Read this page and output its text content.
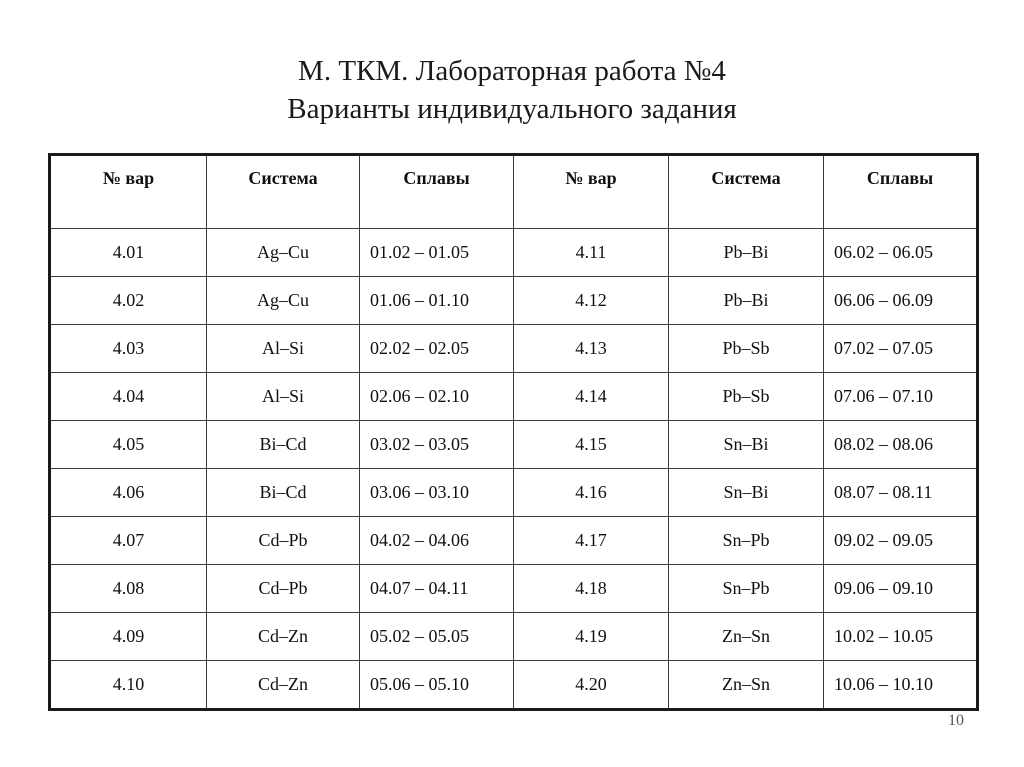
М. ТКМ. Лабораторная работа №4
Варианты индивидуального задания
№ вар	Система	Сплавы	№ вар	Система	Сплавы
4.01	Ag–Cu	01.02 – 01.05	4.11	Pb–Bi	06.02 – 06.05
4.02	Ag–Cu	01.06 – 01.10	4.12	Pb–Bi	06.06 – 06.09
4.03	Al–Si	02.02 – 02.05	4.13	Pb–Sb	07.02 – 07.05
4.04	Al–Si	02.06 – 02.10	4.14	Pb–Sb	07.06 – 07.10
4.05	Bi–Cd	03.02 – 03.05	4.15	Sn–Bi	08.02 – 08.06
4.06	Bi–Cd	03.06 – 03.10	4.16	Sn–Bi	08.07 – 08.11
4.07	Cd–Pb	04.02 – 04.06	4.17	Sn–Pb	09.02 – 09.05
4.08	Cd–Pb	04.07 – 04.11	4.18	Sn–Pb	09.06 – 09.10
4.09	Cd–Zn	05.02 – 05.05	4.19	Zn–Sn	10.02 – 10.05
4.10	Cd–Zn	05.06 – 05.10	4.20	Zn–Sn	10.06 – 10.10
10
